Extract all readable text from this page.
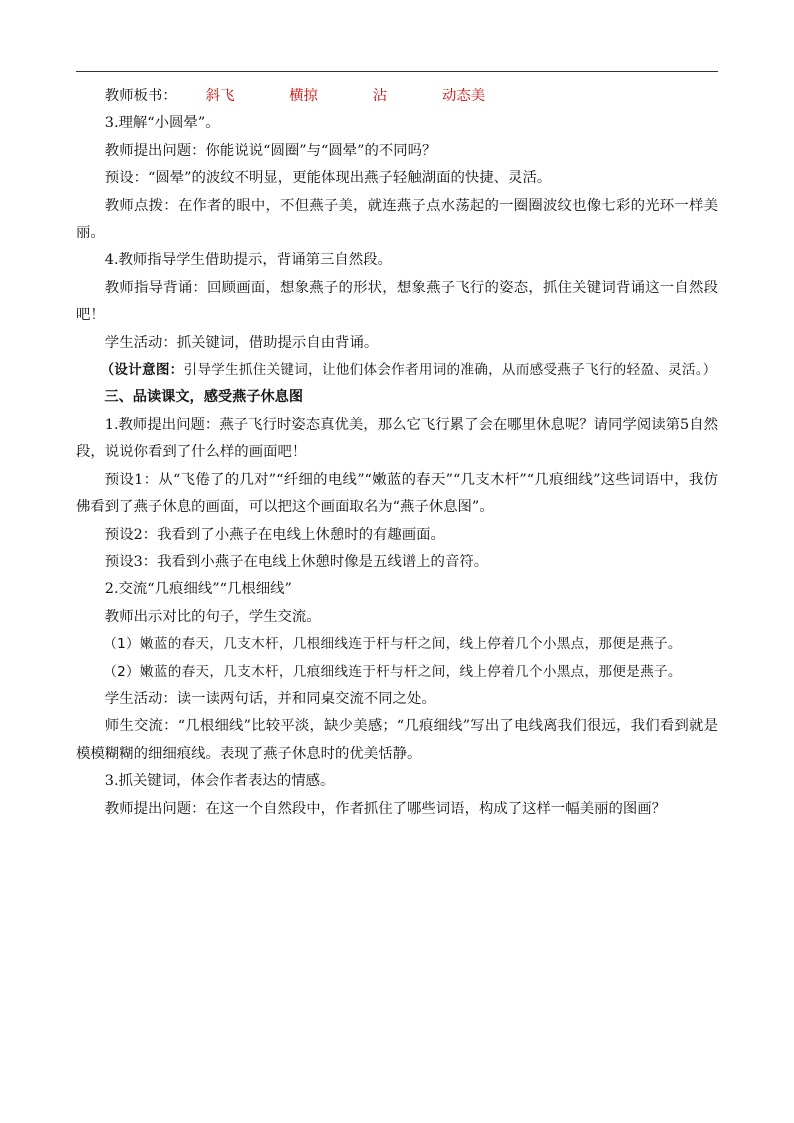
教师板书： 斜飞	横掠	沾	动态美

3.理解“小圆晕”。

教师提出问题：你能说说“圆圈”与“圆晕”的不同吗？

预设：“圆晕”的波纹不明显，更能体现出燕子轻触湖面的快捷、灵活。

教师点拨：在作者的眼中，不但燕子美，就连燕子点水荡起的一圈圈波纹也像七彩的光环一样美丽。

4.教师指导学生借助提示，背诵第三自然段。

教师指导背诵：回顾画面，想象燕子的形状，想象燕子飞行的姿态，抓住关键词背诵这一自然段吧！

学生活动：抓关键词，借助提示自由背诵。

（设计意图：引导学生抓住关键词，让他们体会作者用词的准确，从而感受燕子飞行的轻盈、灵活。）

三、品读课文，感受燕子休息图

1.教师提出问题：燕子飞行时姿态真优美，那么它飞行累了会在哪里休息呢？请同学阅读第5自然段，说说你看到了什么样的画面吧！

预设1：从“飞倦了的几对”“纤细的电线”“嫩蓝的春天”“几支木杆”“几痕细线”这些词语中，我仿佛看到了燕子休息的画面，可以把这个画面取名为“燕子休息图”。

预设2：我看到了小燕子在电线上休憩时的有趣画面。

预设3：我看到小燕子在电线上休憩时像是五线谱上的音符。

2.交流“几痕细线”“几根细线”

教师出示对比的句子，学生交流。

（1）嫩蓝的春天，几支木杆，几根细线连于杆与杆之间，线上停着几个小黑点，那便是燕子。

（2）嫩蓝的春天，几支木杆，几痕细线连于杆与杆之间，线上停着几个小黑点，那便是燕子。

学生活动：读一读两句话，并和同桌交流不同之处。

师生交流：“几根细线”比较平淡，缺少美感；“几痕细线”写出了电线离我们很远，我们看到就是模模糊糊的细细痕线。表现了燕子休息时的优美恬静。

3.抓关键词，体会作者表达的情感。

教师提出问题：在这一个自然段中，作者抓住了哪些词语，构成了这样一幅美丽的图画？
